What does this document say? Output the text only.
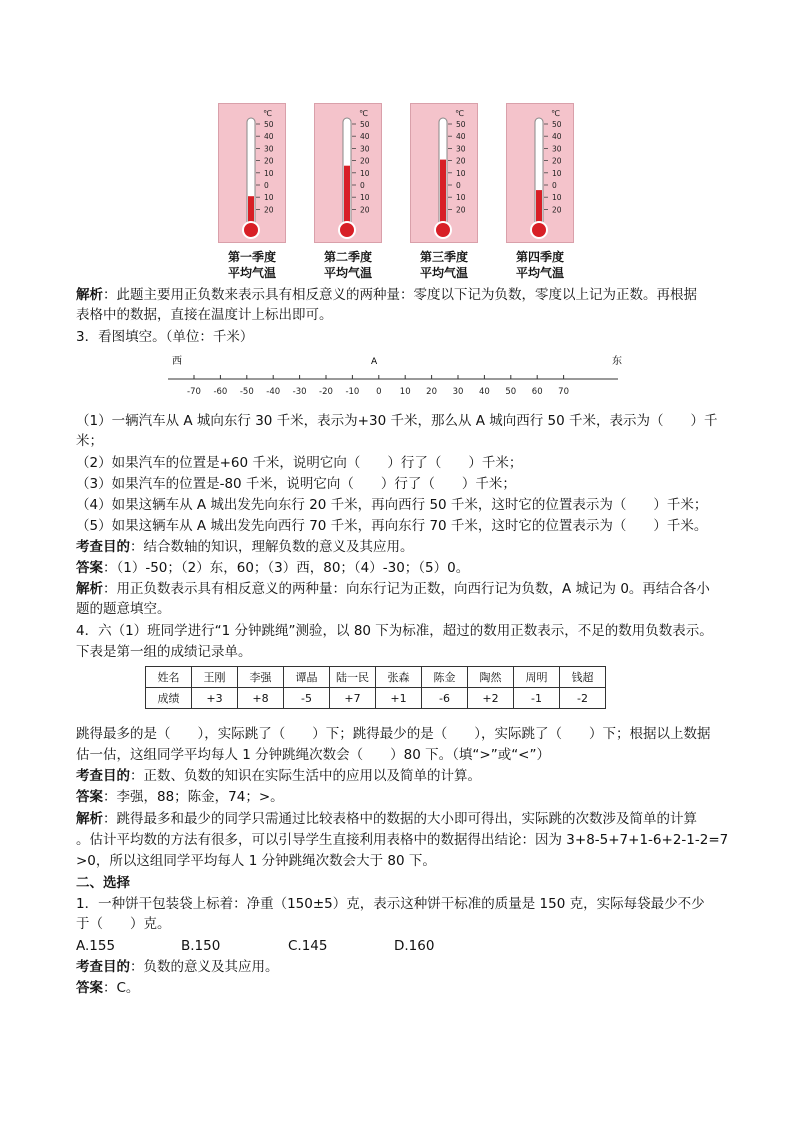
℃
50
40
30
20
10
0
10
20
第一季度
平均气温
℃
50
40
30
20
10
0
10
20
第二季度
平均气温
℃
50
40
30
20
10
0
10
20
第三季度
平均气温
℃
50
40
30
20
10
0
10
20
第四季度
平均气温
解析：此题主要用正负数来表示具有相反意义的两种量：零度以下记为负数，零度以上记为正数。再根据
表格中的数据，直接在温度计上标出即可。
3．看图填空。（单位：千米）
西	A	东
-70 -60 -50 -40 -30 -20 -10 0 10 20 30 40 50 60 70
（1）一辆汽车从 A 城向东行 30 千米，表示为+30 千米，那么从 A 城向西行 50 千米，表示为（　　）千
米；
（2）如果汽车的位置是+60 千米，说明它向（　　）行了（　　）千米；
（3）如果汽车的位置是-80 千米，说明它向（　　）行了（　　）千米；
（4）如果这辆车从 A 城出发先向东行 20 千米，再向西行 50 千米，这时它的位置表示为（　　）千米；
（5）如果这辆车从 A 城出发先向西行 70 千米，再向东行 70 千米，这时它的位置表示为（　　）千米。
考查目的：结合数轴的知识，理解负数的意义及其应用。
答案：（1）-50；（2）东，60；（3）西，80；（4）-30；（5）0。
解析：用正负数表示具有相反意义的两种量：向东行记为正数，向西行记为负数，A 城记为 0。再结合各小
题的题意填空。
4．六（1）班同学进行“1 分钟跳绳”测验，以 80 下为标准，超过的数用正数表示，不足的数用负数表示。
下表是第一组的成绩记录单。
姓名	王刚	李强	谭晶	陆一民	张森	陈金	陶然	周明	钱超
成绩	+3	+8	-5	+7	+1	-6	+2	-1	-2
跳得最多的是（　　），实际跳了（　　）下；跳得最少的是（　　），实际跳了（　　）下；根据以上数据
估一估，这组同学平均每人 1 分钟跳绳次数会（　　）80 下。（填“>”或“<”）
考查目的：正数、负数的知识在实际生活中的应用以及简单的计算。
答案：李强，88；陈金，74；>。
解析：跳得最多和最少的同学只需通过比较表格中的数据的大小即可得出，实际跳的次数涉及简单的计算
。估计平均数的方法有很多，可以引导学生直接利用表格中的数据得出结论：因为 3+8-5+7+1-6+2-1-2=7
>0，所以这组同学平均每人 1 分钟跳绳次数会大于 80 下。
二、选择
1．一种饼干包装袋上标着：净重（150±5）克，表示这种饼干标准的质量是 150 克，实际每袋最少不少
于（　　）克。
A.155	B.150	C.145	D.160
考查目的：负数的意义及其应用。
答案：C。
